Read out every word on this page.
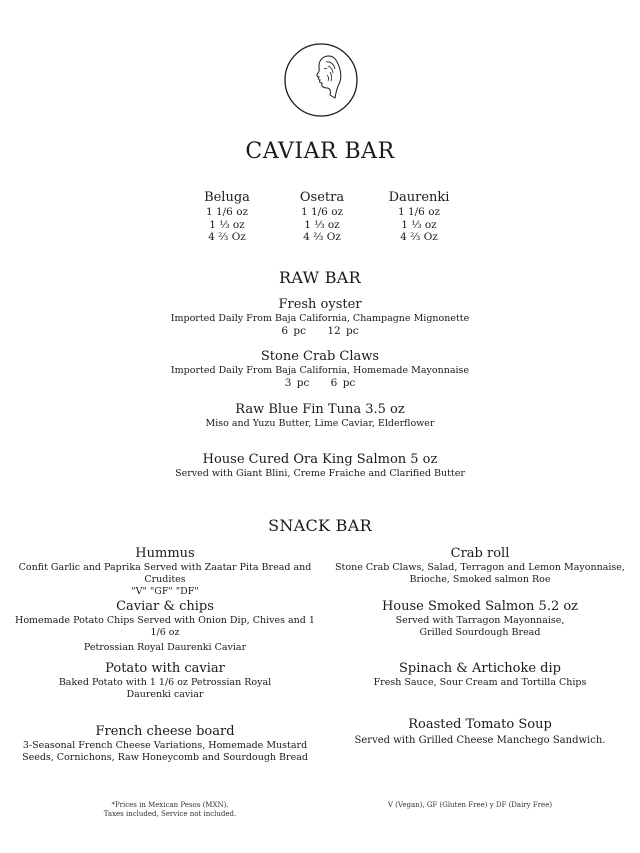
CAVIAR BAR
Beluga
1 1/6 oz
1 ⅓ oz
4 ⅔ Oz
Osetra
1 1/6 oz
1 ⅓ oz
4 ⅔ Oz
Daurenki
1 1/6 oz
1 ⅓ oz
4 ⅔ Oz
RAW BAR
Fresh oyster
Imported Daily From Baja California, Champagne Mignonette
6 pc 12 pc
Stone Crab Claws
Imported Daily From Baja California, Homemade Mayonnaise
3 pc 6 pc
Raw Blue Fin Tuna 3.5 oz
Miso and Yuzu Butter, Lime Caviar, Elderflower
House Cured Ora King Salmon 5 oz
Served with Giant Blini, Creme Fraiche and Clarified Butter
SNACK BAR
Hummus
Confit Garlic and Paprika Served with Zaatar Pita Bread and Crudites
"V" "GF" "DF"
Caviar & chips
Homemade Potato Chips Served with Onion Dip, Chives and 1 1/6 oz
Petrossian Royal Daurenki Caviar
Potato with caviar
Baked Potato with 1 1/6 oz Petrossian Royal
Daurenki caviar
French cheese board
3-Seasonal French Cheese Variations, Homemade Mustard
Seeds, Cornichons, Raw Honeycomb and Sourdough Bread
Crab roll
Stone Crab Claws, Salad, Terragon and Lemon Mayonnaise,
Brioche, Smoked salmon Roe
House Smoked Salmon 5.2 oz
Served with Tarragon Mayonnaise,
Grilled Sourdough Bread
Spinach & Artichoke dip
Fresh Sauce, Sour Cream and Tortilla Chips
Roasted Tomato Soup
Served with Grilled Cheese Manchego Sandwich.
*Prices in Mexican Pesos (MXN).
Taxes included, Service not included.
V (Vegan), GF (Gluten Free) y DF (Dairy Free)
